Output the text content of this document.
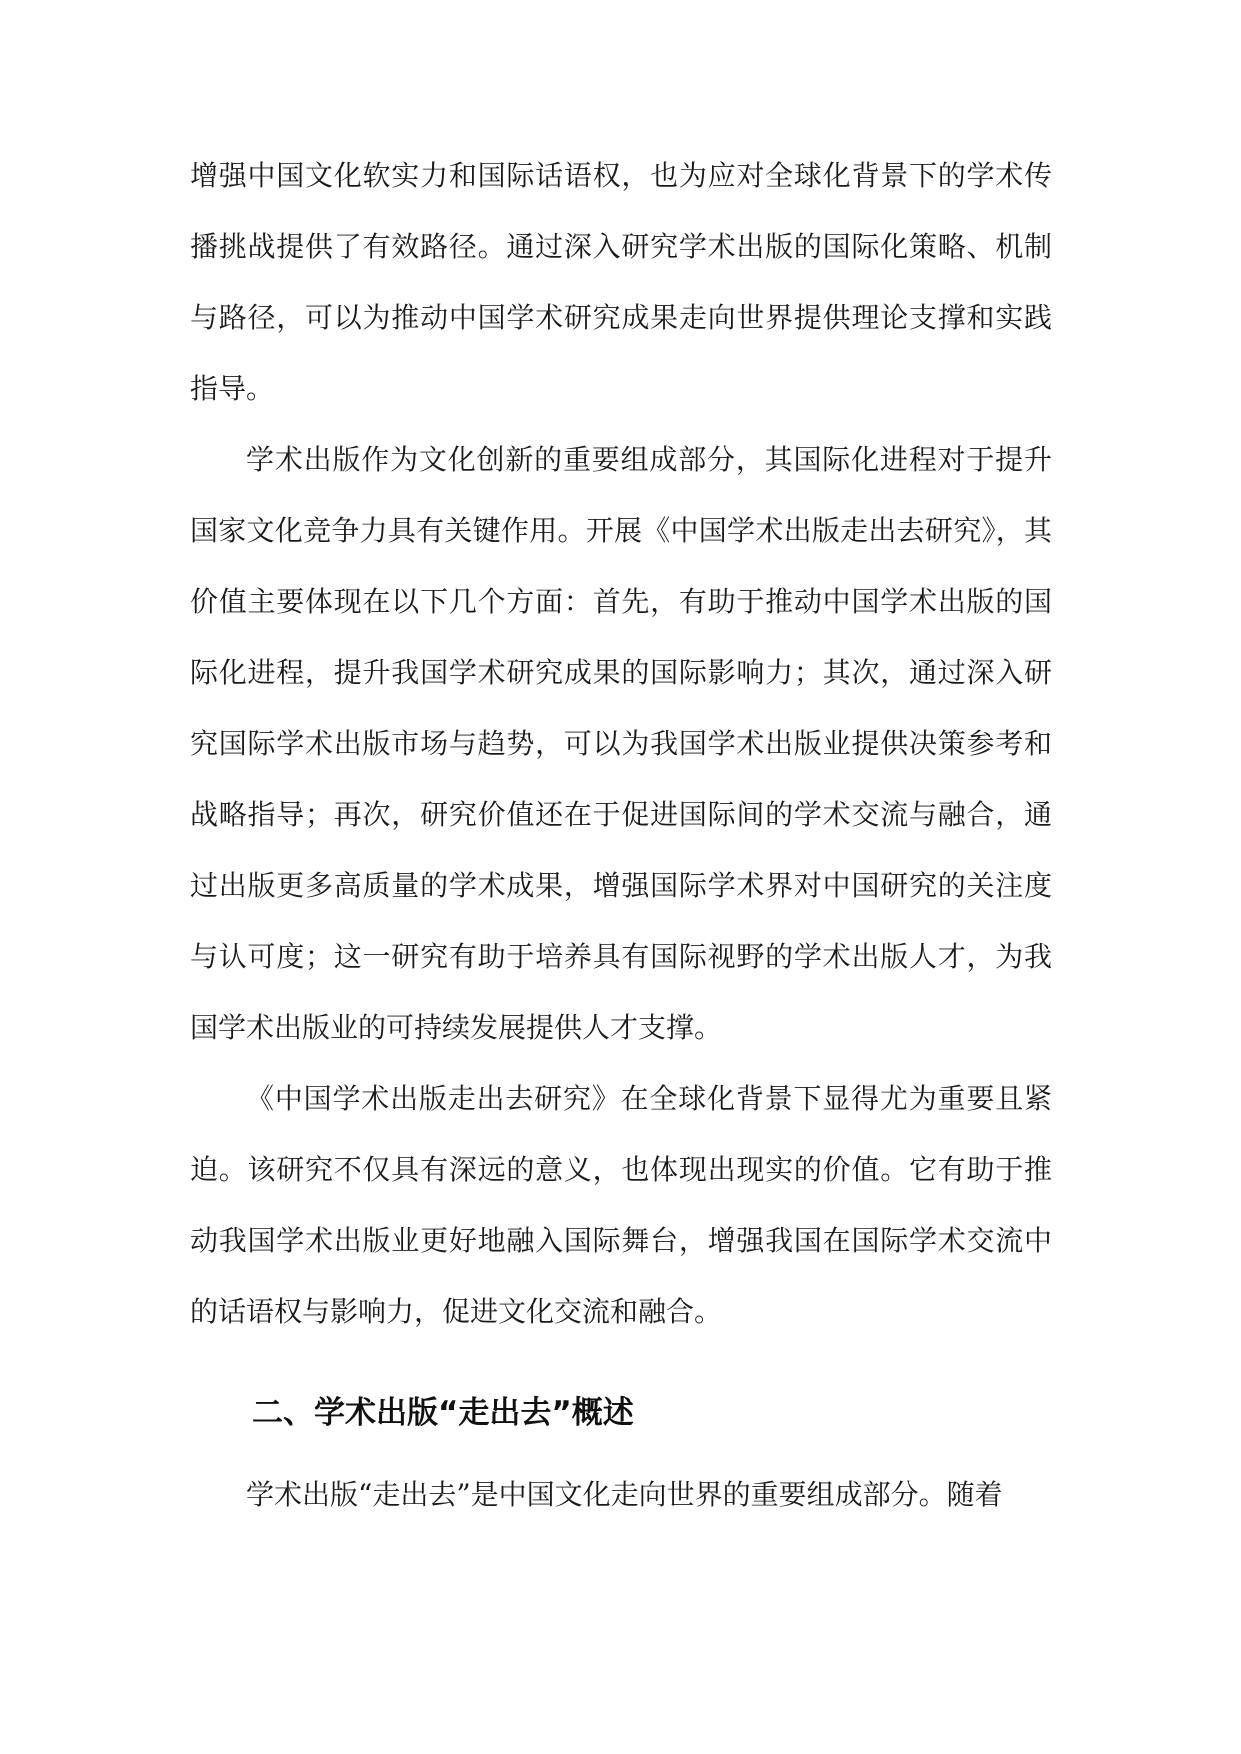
增强中国文化软实力和国际话语权，也为应对全球化背景下的学术传播挑战提供了有效路径。通过深入研究学术出版的国际化策略、机制与路径，可以为推动中国学术研究成果走向世界提供理论支撑和实践指导。

学术出版作为文化创新的重要组成部分，其国际化进程对于提升国家文化竞争力具有关键作用。开展《中国学术出版走出去研究》，其价值主要体现在以下几个方面：首先，有助于推动中国学术出版的国际化进程，提升我国学术研究成果的国际影响力；其次，通过深入研究国际学术出版市场与趋势，可以为我国学术出版业提供决策参考和战略指导；再次，研究价值还在于促进国际间的学术交流与融合，通过出版更多高质量的学术成果，增强国际学术界对中国研究的关注度与认可度；这一研究有助于培养具有国际视野的学术出版人才，为我国学术出版业的可持续发展提供人才支撑。

《中国学术出版走出去研究》在全球化背景下显得尤为重要且紧迫。该研究不仅具有深远的意义，也体现出现实的价值。它有助于推动我国学术出版业更好地融入国际舞台，增强我国在国际学术交流中的话语权与影响力，促进文化交流和融合。

二、学术出版“走出去”概述

学术出版“走出去”是中国文化走向世界的重要组成部分。随着
